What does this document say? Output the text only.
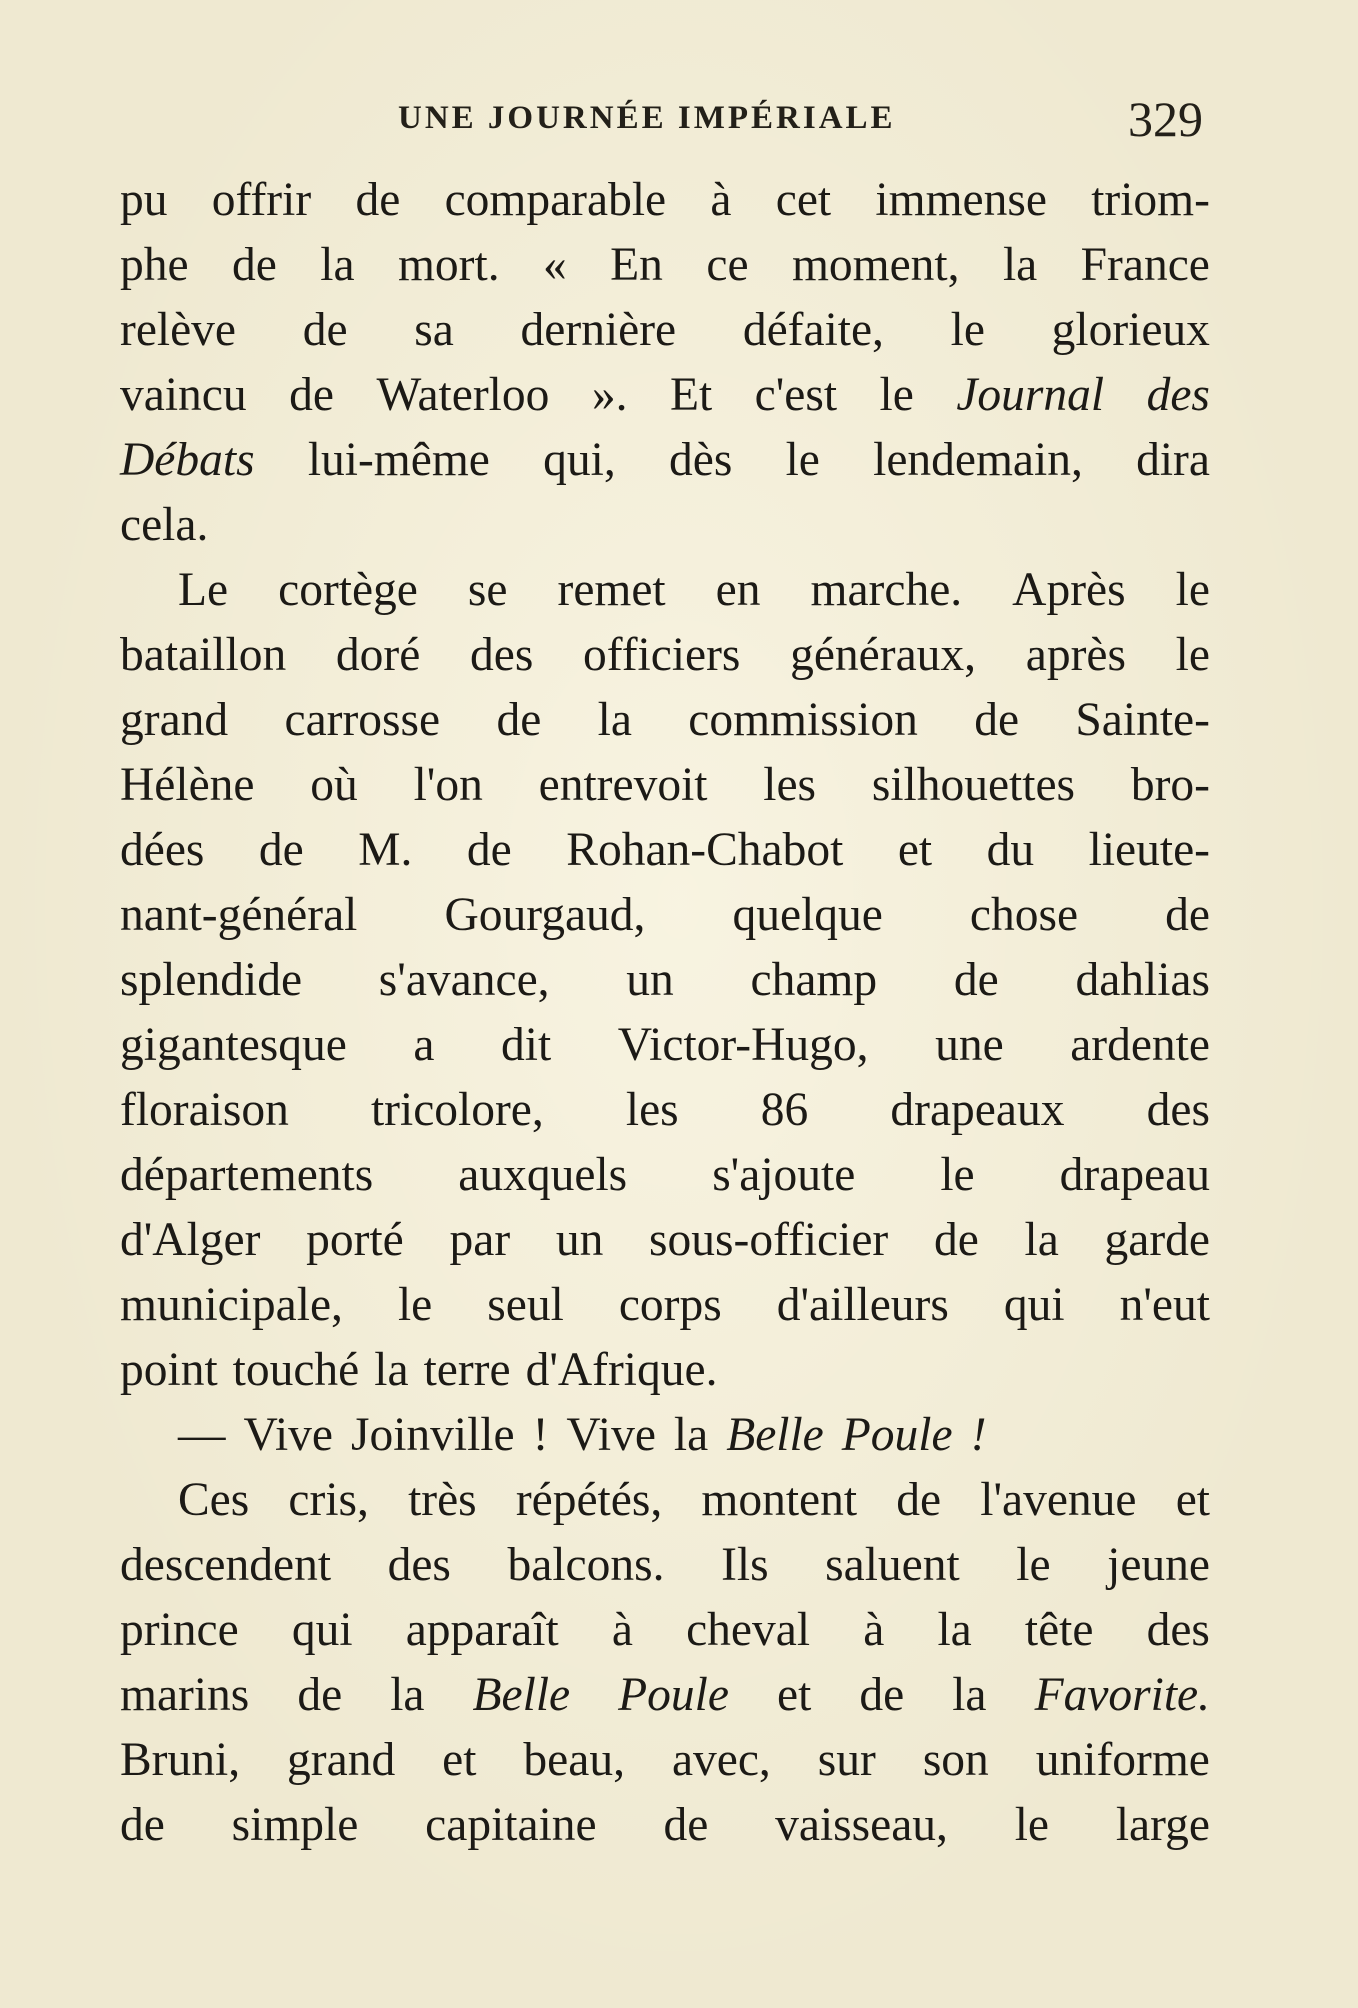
UNE JOURNÉE IMPÉRIALE	329
pu offrir de comparable à cet immense triom-
phe de la mort. « En ce moment, la France
relève de sa dernière défaite, le glorieux
vaincu de Waterloo ». Et c'est le Journal des
Débats lui-même qui, dès le lendemain, dira
cela.
Le cortège se remet en marche. Après le
bataillon doré des officiers généraux, après le
grand carrosse de la commission de Sainte-
Hélène où l'on entrevoit les silhouettes bro-
dées de M. de Rohan-Chabot et du lieute-
nant-général Gourgaud, quelque chose de
splendide s'avance, un champ de dahlias
gigantesque a dit Victor-Hugo, une ardente
floraison tricolore, les 86 drapeaux des
départements auxquels s'ajoute le drapeau
d'Alger porté par un sous-officier de la garde
municipale, le seul corps d'ailleurs qui n'eut
point touché la terre d'Afrique.
— Vive Joinville ! Vive la Belle Poule !
Ces cris, très répétés, montent de l'avenue et
descendent des balcons. Ils saluent le jeune
prince qui apparaît à cheval à la tête des
marins de la Belle Poule et de la Favorite.
Bruni, grand et beau, avec, sur son uniforme
de simple capitaine de vaisseau, le large
